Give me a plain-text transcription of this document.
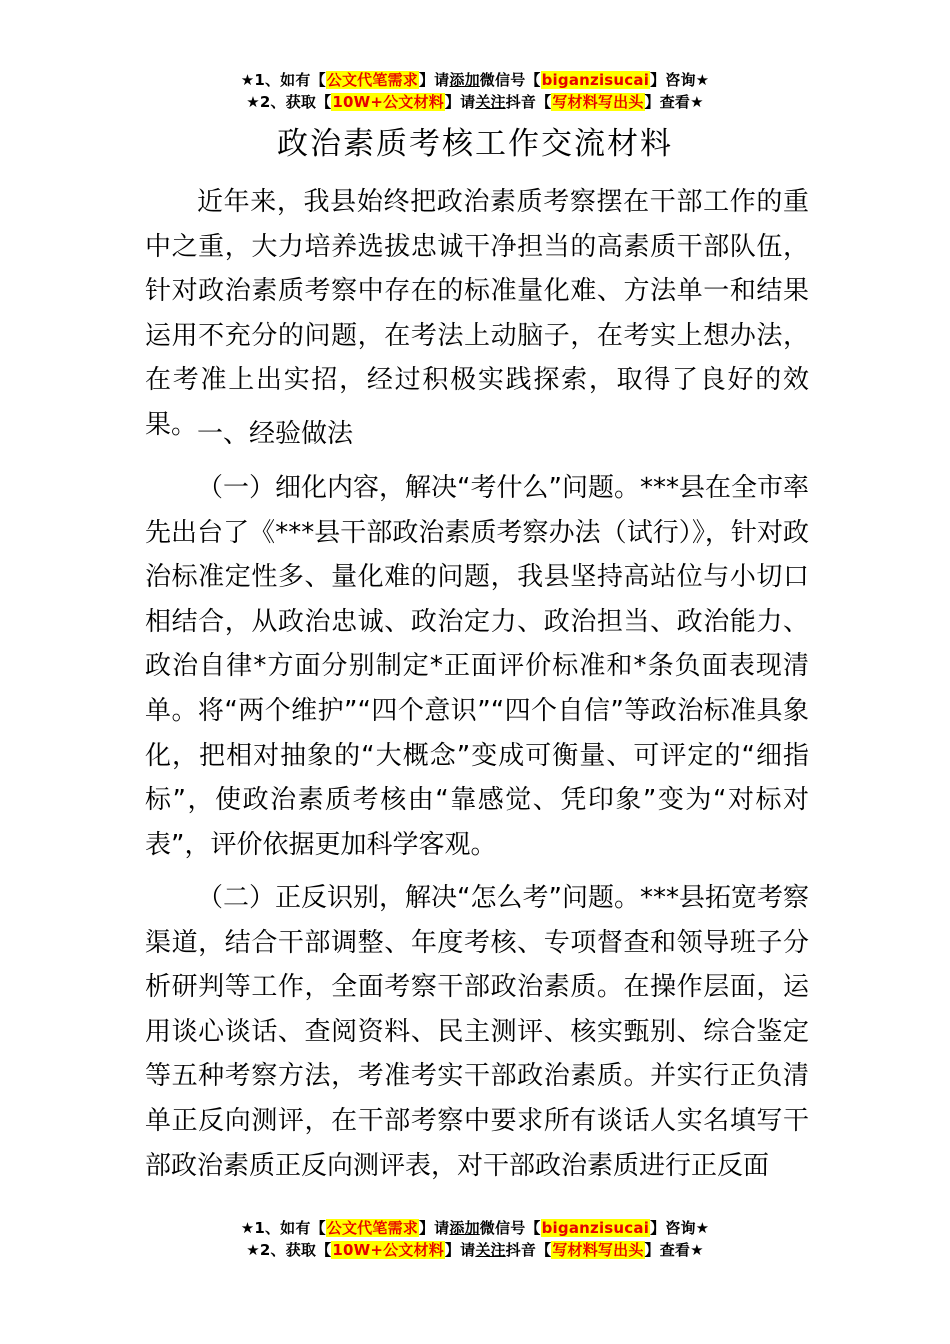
★1、如有【公文代笔需求】请添加微信号【biganzisucai】咨询★
★2、获取【10W+公文材料】请关注抖音【写材料写出头】查看★
政治素质考核工作交流材料

近年来，我县始终把政治素质考察摆在干部工作的重中之重，大力培养选拔忠诚干净担当的高素质干部队伍，针对政治素质考察中存在的标准量化难、方法单一和结果运用不充分的问题，在考法上动脑子，在考实上想办法，在考准上出实招，经过积极实践探索，取得了良好的效果。 一、经验做法

（一）细化内容，解决“考什么”问题。***县在全市率先出台了《***县干部政治素质考察办法（试行）》，针对政治标准定性多、量化难的问题，我县坚持高站位与小切口相结合，从政治忠诚、政治定力、政治担当、政治能力、政治自律*方面分别制定*正面评价标准和*条负面表现清单。将“两个维护”“四个意识”“四个自信”等政治标准具象化，把相对抽象的“大概念”变成可衡量、可评定的“细指标”，使政治素质考核由“靠感觉、凭印象”变为“对标对表”，评价依据更加科学客观。

（二）正反识别，解决“怎么考”问题。***县拓宽考察渠道，结合干部调整、年度考核、专项督查和领导班子分析研判等工作，全面考察干部政治素质。在操作层面，运用谈心谈话、查阅资料、民主测评、核实甄别、综合鉴定等五种考察方法，考准考实干部政治素质。并实行正负清单正反向测评，在干部考察中要求所有谈话人实名填写干部政治素质正反向测评表，对干部政治素质进行正反面

★1、如有【公文代笔需求】请添加微信号【biganzisucai】咨询★
★2、获取【10W+公文材料】请关注抖音【写材料写出头】查看★
